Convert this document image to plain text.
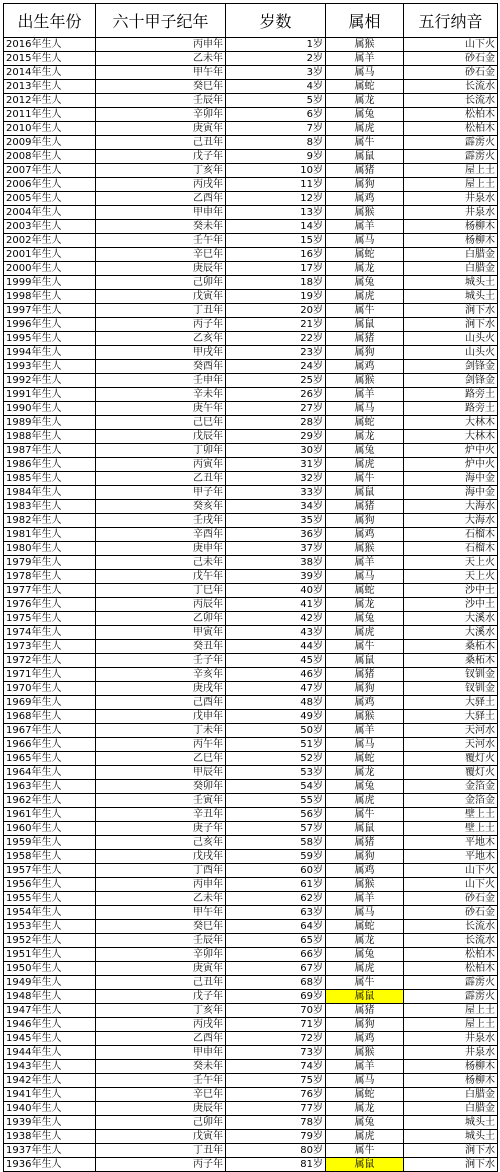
出生年份	六十甲子纪年	岁数	属相	五行纳音
2016年生人	丙申年	1岁	属猴	山下火
2015年生人	乙未年	2岁	属羊	砂石金
2014年生人	甲午年	3岁	属马	砂石金
2013年生人	癸巳年	4岁	属蛇	长流水
2012年生人	壬辰年	5岁	属龙	长流水
2011年生人	辛卯年	6岁	属兔	松柏木
2010年生人	庚寅年	7岁	属虎	松柏木
2009年生人	己丑年	8岁	属牛	霹雳火
2008年生人	戊子年	9岁	属鼠	霹雳火
2007年生人	丁亥年	10岁	属猪	屋上土
2006年生人	丙戌年	11岁	属狗	屋上土
2005年生人	乙酉年	12岁	属鸡	井泉水
2004年生人	甲申年	13岁	属猴	井泉水
2003年生人	癸未年	14岁	属羊	杨柳木
2002年生人	壬午年	15岁	属马	杨柳木
2001年生人	辛巳年	16岁	属蛇	白腊金
2000年生人	庚辰年	17岁	属龙	白腊金
1999年生人	己卯年	18岁	属兔	城头土
1998年生人	戊寅年	19岁	属虎	城头土
1997年生人	丁丑年	20岁	属牛	涧下水
1996年生人	丙子年	21岁	属鼠	涧下水
1995年生人	乙亥年	22岁	属猪	山头火
1994年生人	甲戌年	23岁	属狗	山头火
1993年生人	癸酉年	24岁	属鸡	剑锋金
1992年生人	壬申年	25岁	属猴	剑锋金
1991年生人	辛未年	26岁	属羊	路旁土
1990年生人	庚午年	27岁	属马	路旁土
1989年生人	己巳年	28岁	属蛇	大林木
1988年生人	戊辰年	29岁	属龙	大林木
1987年生人	丁卯年	30岁	属兔	炉中火
1986年生人	丙寅年	31岁	属虎	炉中火
1985年生人	乙丑年	32岁	属牛	海中金
1984年生人	甲子年	33岁	属鼠	海中金
1983年生人	癸亥年	34岁	属猪	大海水
1982年生人	壬戌年	35岁	属狗	大海水
1981年生人	辛酉年	36岁	属鸡	石榴木
1980年生人	庚申年	37岁	属猴	石榴木
1979年生人	己未年	38岁	属羊	天上火
1978年生人	戊午年	39岁	属马	天上火
1977年生人	丁巳年	40岁	属蛇	沙中土
1976年生人	丙辰年	41岁	属龙	沙中土
1975年生人	乙卯年	42岁	属兔	大溪水
1974年生人	甲寅年	43岁	属虎	大溪水
1973年生人	癸丑年	44岁	属牛	桑柘木
1972年生人	壬子年	45岁	属鼠	桑柘木
1971年生人	辛亥年	46岁	属猪	钗钏金
1970年生人	庚戌年	47岁	属狗	钗钏金
1969年生人	己酉年	48岁	属鸡	大驿土
1968年生人	戊申年	49岁	属猴	大驿土
1967年生人	丁未年	50岁	属羊	天河水
1966年生人	丙午年	51岁	属马	天河水
1965年生人	乙巳年	52岁	属蛇	覆灯火
1964年生人	甲辰年	53岁	属龙	覆灯火
1963年生人	癸卯年	54岁	属兔	金箔金
1962年生人	壬寅年	55岁	属虎	金箔金
1961年生人	辛丑年	56岁	属牛	壁上土
1960年生人	庚子年	57岁	属鼠	壁上土
1959年生人	己亥年	58岁	属猪	平地木
1958年生人	戊戌年	59岁	属狗	平地木
1957年生人	丁酉年	60岁	属鸡	山下火
1956年生人	丙申年	61岁	属猴	山下火
1955年生人	乙未年	62岁	属羊	砂石金
1954年生人	甲午年	63岁	属马	砂石金
1953年生人	癸巳年	64岁	属蛇	长流水
1952年生人	壬辰年	65岁	属龙	长流水
1951年生人	辛卯年	66岁	属兔	松柏木
1950年生人	庚寅年	67岁	属虎	松柏木
1949年生人	己丑年	68岁	属牛	霹雳火
1948年生人	戊子年	69岁	属鼠	霹雳火
1947年生人	丁亥年	70岁	属猪	屋上土
1946年生人	丙戌年	71岁	属狗	屋上土
1945年生人	乙酉年	72岁	属鸡	井泉水
1944年生人	甲申年	73岁	属猴	井泉水
1943年生人	癸未年	74岁	属羊	杨柳木
1942年生人	壬午年	75岁	属马	杨柳木
1941年生人	辛巳年	76岁	属蛇	白腊金
1940年生人	庚辰年	77岁	属龙	白腊金
1939年生人	己卯年	78岁	属兔	城头土
1938年生人	戊寅年	79岁	属虎	城头土
1937年生人	丁丑年	80岁	属牛	涧下水
1936年生人	丙子年	81岁	属鼠	涧下水
